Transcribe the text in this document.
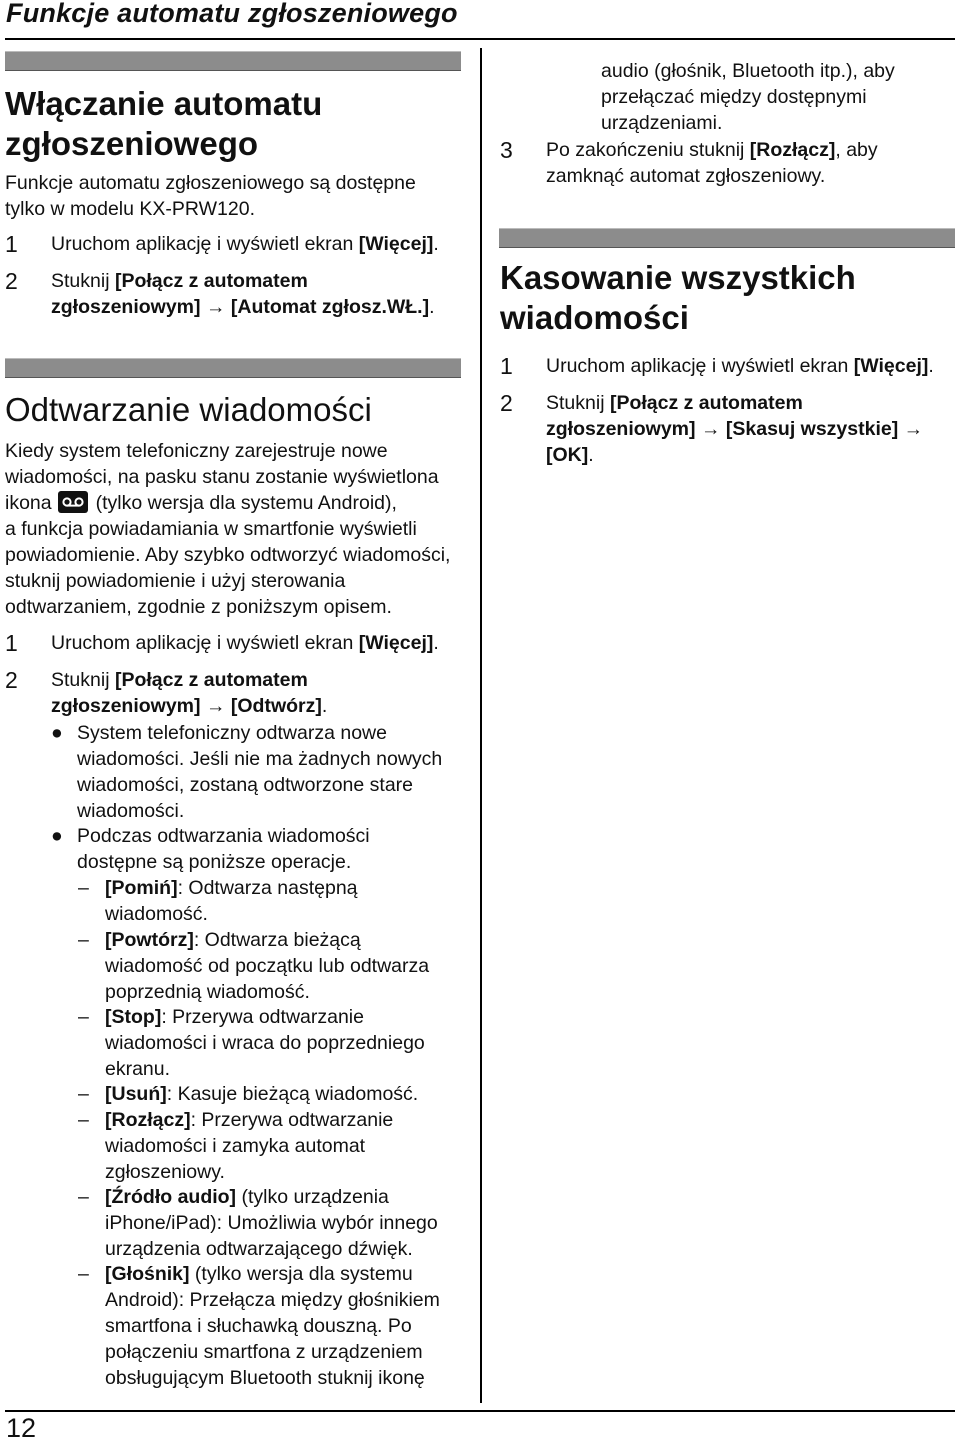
Funkcje automatu zgłoszeniowego
Włączanie automatu
zgłoszeniowego
Funkcje automatu zgłoszeniowego są dostępne
tylko w modelu KX-PRW120.
1 Uruchom aplikację i wyświetl ekran [Więcej].
2 Stuknij [Połącz z automatem
zgłoszeniowym] → [Automat zgłosz.WŁ.].
Odtwarzanie wiadomości
Kiedy system telefoniczny zarejestruje nowe
wiadomości, na pasku stanu zostanie wyświetlona
ikona (tylko wersja dla systemu Android),
a funkcja powiadamiania w smartfonie wyświetli
powiadomienie. Aby szybko odtworzyć wiadomości,
stuknij powiadomienie i użyj sterowania
odtwarzaniem, zgodnie z poniższym opisem.
1 Uruchom aplikację i wyświetl ekran [Więcej].
2 Stuknij [Połącz z automatem
zgłoszeniowym] → [Odtwórz].
● System telefoniczny odtwarza nowe
wiadomości. Jeśli nie ma żadnych nowych
wiadomości, zostaną odtworzone stare
wiadomości.
● Podczas odtwarzania wiadomości
dostępne są poniższe operacje.
– [Pomiń]: Odtwarza następną
wiadomość.
– [Powtórz]: Odtwarza bieżącą
wiadomość od początku lub odtwarza
poprzednią wiadomość.
– [Stop]: Przerywa odtwarzanie
wiadomości i wraca do poprzedniego
ekranu.
– [Usuń]: Kasuje bieżącą wiadomość.
– [Rozłącz]: Przerywa odtwarzanie
wiadomości i zamyka automat
zgłoszeniowy.
– [Źródło audio] (tylko urządzenia
iPhone/iPad): Umożliwia wybór innego
urządzenia odtwarzającego dźwięk.
– [Głośnik] (tylko wersja dla systemu
Android): Przełącza między głośnikiem
smartfona i słuchawką douszną. Po
połączeniu smartfona z urządzeniem
obsługującym Bluetooth stuknij ikonę
audio (głośnik, Bluetooth itp.), aby
przełączać między dostępnymi
urządzeniami.
3 Po zakończeniu stuknij [Rozłącz], aby
zamknąć automat zgłoszeniowy.
Kasowanie wszystkich
wiadomości
1 Uruchom aplikację i wyświetl ekran [Więcej].
2 Stuknij [Połącz z automatem
zgłoszeniowym] → [Skasuj wszystkie] →
[OK].
12
